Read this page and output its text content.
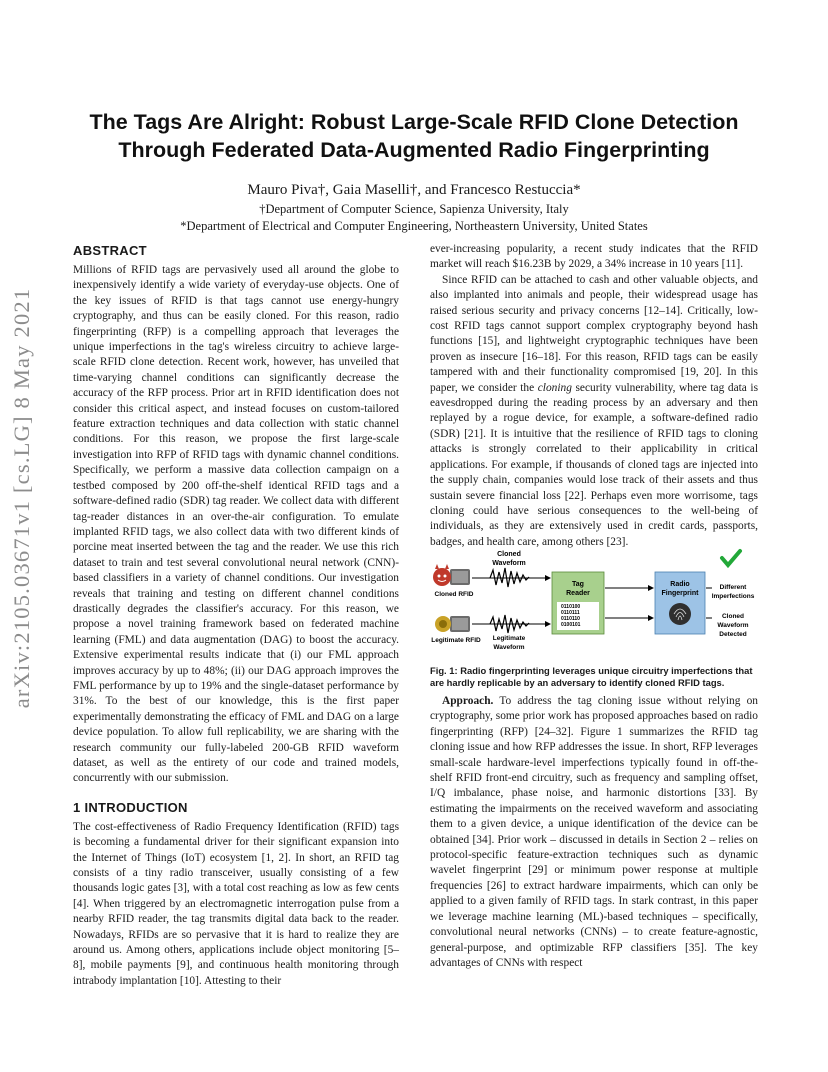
arXiv:2105.03671v1 [cs.LG] 8 May 2021
The Tags Are Alright: Robust Large-Scale RFID Clone Detection Through Federated Data-Augmented Radio Fingerprinting
Mauro Piva†, Gaia Maselli†, and Francesco Restuccia*
†Department of Computer Science, Sapienza University, Italy
*Department of Electrical and Computer Engineering, Northeastern University, United States

ABSTRACT

Millions of RFID tags are pervasively used all around the globe to inexpensively identify a wide variety of everyday-use objects. One of the key issues of RFID is that tags cannot use energy-hungry cryptography, and thus can be easily cloned. For this reason, radio fingerprinting (RFP) is a compelling approach that leverages the unique imperfections in the tag's wireless circuitry to achieve large-scale RFID clone detection. Recent work, however, has unveiled that time-varying channel conditions can significantly decrease the accuracy of the RFP process. Prior art in RFID identification does not consider this critical aspect, and instead focuses on custom-tailored feature extraction techniques and data collection with static channel conditions. For this reason, we propose the first large-scale investigation into RFP of RFID tags with dynamic channel conditions. Specifically, we perform a massive data collection campaign on a testbed composed by 200 off-the-shelf identical RFID tags and a software-defined radio (SDR) tag reader. We collect data with different tag-reader distances in an over-the-air configuration. To emulate implanted RFID tags, we also collect data with two different kinds of porcine meat inserted between the tag and the reader. We use this rich dataset to train and test several convolutional neural network (CNN)-based classifiers in a variety of channel conditions. Our investigation reveals that training and testing on different channel conditions drastically degrades the classifier's accuracy. For this reason, we propose a novel training framework based on federated machine learning (FML) and data augmentation (DAG) to boost the accuracy. Extensive experimental results indicate that (i) our FML approach improves accuracy by up to 48%; (ii) our DAG approach improves the FML performance by up to 19% and the single-dataset performance by 31%. To the best of our knowledge, this is the first paper experimentally demonstrating the efficacy of FML and DAG on a large device population. To allow full replicability, we are sharing with the research community our fully-labeled 200-GB RFID waveform dataset, as well as the entirety of our code and trained models, concurrently with our submission.

1 INTRODUCTION

The cost-effectiveness of Radio Frequency Identification (RFID) tags is becoming a fundamental driver for their significant expansion into the Internet of Things (IoT) ecosystem [1, 2]. In short, an RFID tag consists of a tiny radio transceiver, usually consisting of a few thousands logic gates [3], with a total cost reaching as low as few cents [4]. When triggered by an electromagnetic interrogation pulse from a nearby RFID reader, the tag transmits digital data back to the reader. Nowadays, RFIDs are so pervasive that it is hard to realize they are around us. Among others, applications include object monitoring [5–8], mobile payments [9], and continuous health monitoring through intrabody implantation [10]. Attesting to their

ever-increasing popularity, a recent study indicates that the RFID market will reach $16.23B by 2029, a 34% increase in 10 years [11].

Since RFID can be attached to cash and other valuable objects, and also implanted into animals and people, their widespread usage has raised serious security and privacy concerns [12–14]. Critically, low-cost RFID tags cannot support complex cryptography beyond hash functions [15], and lightweight cryptographic techniques have been proven as insecure [16–18]. For this reason, RFID tags can be easily tampered with and their functionality compromised [19, 20]. In this paper, we consider the cloning security vulnerability, where tag data is eavesdropped during the reading process by an adversary and then replayed by a rogue device, for example, a software-defined radio (SDR) [21]. It is intuitive that the resilience of RFID tags to cloning attacks is strongly correlated to their applicability in critical applications. For example, if thousands of cloned tags are injected into the supply chain, companies would lose track of their assets and thus sustain severe financial loss [22]. Perhaps even more worrisome, tags cloning could have serious consequences to the well-being of individuals, as they are extensively used in credit cards, passports, badges, and health care, among others [23].

Cloned
Waveform
Cloned RFID
Legitimate RFID Legitimate
Waveform
Tag
Reader
0110100
0110111
0110110
0100101
Radio
Fingerprint
Different
Imperfections
Cloned
Waveform
Detected
Fig. 1: Radio fingerprinting leverages unique circuitry imperfections that are hardly replicable by an adversary to identify cloned RFID tags.

Approach. To address the tag cloning issue without relying on cryptography, some prior work has proposed approaches based on radio fingerprinting (RFP) [24–32]. Figure 1 summarizes the RFID tag cloning issue and how RFP addresses the issue. In short, RFP leverages small-scale hardware-level imperfections typically found in off-the-shelf RFID front-end circuitry, such as frequency and sampling offset, I/Q imbalance, phase noise, and harmonic distortions [33]. By estimating the impairments on the received waveform and associating them to a given device, a unique identification of the device can be obtained [34]. Prior work – discussed in details in Section 2 – relies on protocol-specific feature-extraction techniques such as dynamic wavelet fingerprint [29] or minimum power response at multiple frequencies [26] to extract hardware impairments, which can only be applied to a given family of RFID tags. In stark contrast, in this paper we leverage machine learning (ML)-based techniques – specifically, convolutional neural networks (CNNs) – to create feature-agnostic, general-purpose, and optimizable RFP classifiers [35]. The key advantages of CNNs with respect
